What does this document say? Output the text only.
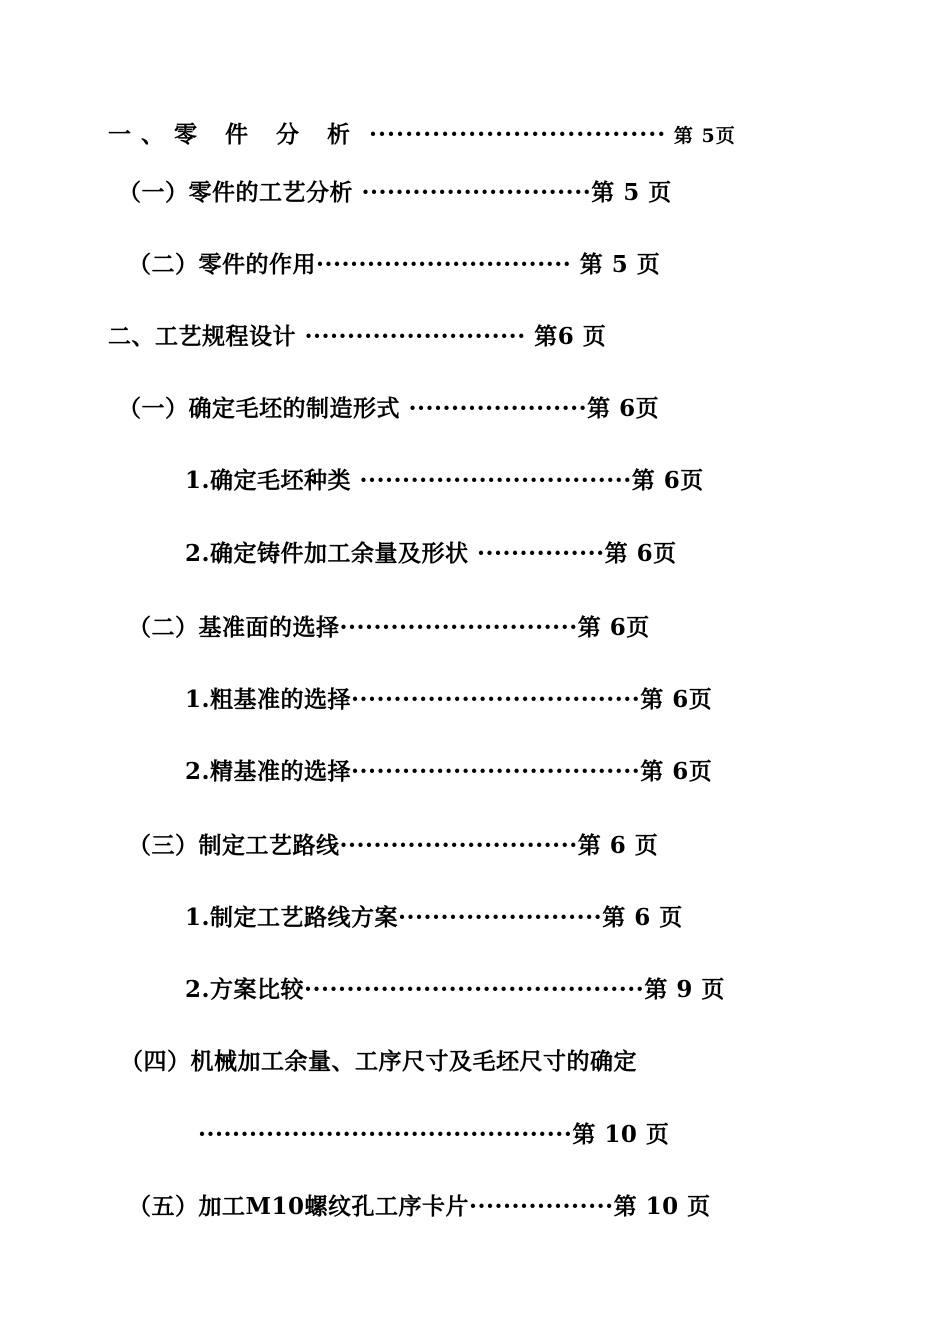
一、零 件 分 析 ································· 第 5页
（一）零件的工艺分析 ···························第 5 页
（二）零件的作用······························ 第 5 页
二、工艺规程设计 ·························· 第6 页
（一）确定毛坯的制造形式 ·····················第 6页
1.确定毛坯种类 ································第 6页
2.确定铸件加工余量及形状 ···············第 6页
（二）基准面的选择····························第 6页
1.粗基准的选择··································第 6页
2.精基准的选择··································第 6页
（三）制定工艺路线····························第 6 页
1.制定工艺路线方案························第 6 页
2.方案比较········································第 9 页
（四）机械加工余量、工序尺寸及毛坯尺寸的确定
············································第 10 页
（五）加工M10螺纹孔工序卡片·················第 10 页
